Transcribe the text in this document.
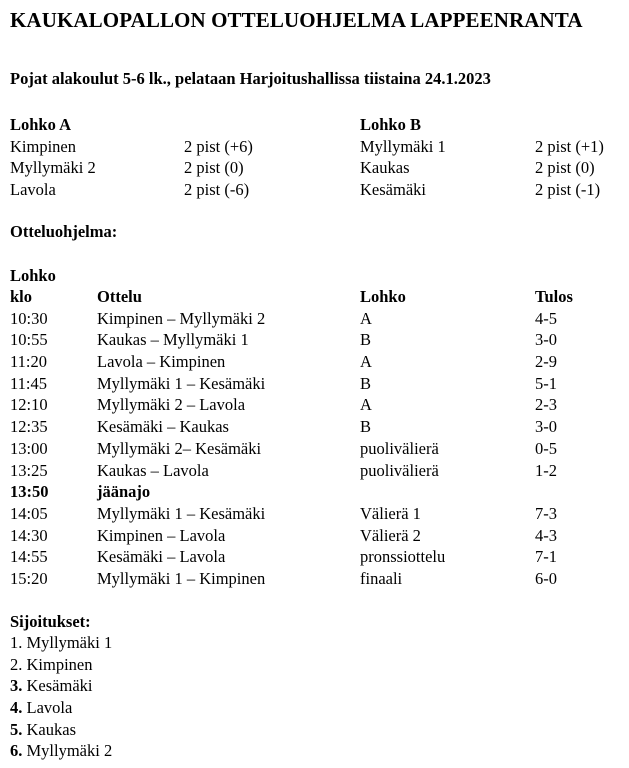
KAUKALOPALLON OTTELUOHJELMA LAPPEENRANTA
Pojat alakoulut 5-6 lk., pelataan Harjoitushallissa tiistaina 24.1.2023
Lohko A	Lohko B
Kimpinen	2 pist (+6)	Myllymäki 1	2 pist (+1)
Myllymäki 2	2 pist (0)	Kaukas	2 pist (0)
Lavola	2 pist (-6)	Kesämäki	2 pist (-1)
Otteluohjelma:
Lohko
klo	Ottelu	Lohko	Tulos
10:30	Kimpinen – Myllymäki 2	A	4-5
10:55	Kaukas – Myllymäki 1	B	3-0
11:20	Lavola – Kimpinen	A	2-9
11:45	Myllymäki 1 – Kesämäki	B	5-1
12:10	Myllymäki 2 – Lavola	A	2-3
12:35	Kesämäki – Kaukas	B	3-0
13:00	Myllymäki 2– Kesämäki	puolivälierä	0-5
13:25	Kaukas – Lavola	puolivälierä	1-2
13:50	jäänajo
14:05	Myllymäki 1 – Kesämäki	Välierä 1	7-3
14:30	Kimpinen – Lavola	Välierä 2	4-3
14:55	Kesämäki – Lavola	pronssiottelu	7-1
15:20	Myllymäki 1 – Kimpinen	finaali	6-0
Sijoitukset:
1. Myllymäki 1
2. Kimpinen
3. Kesämäki
4. Lavola
5. Kaukas
6. Myllymäki 2
